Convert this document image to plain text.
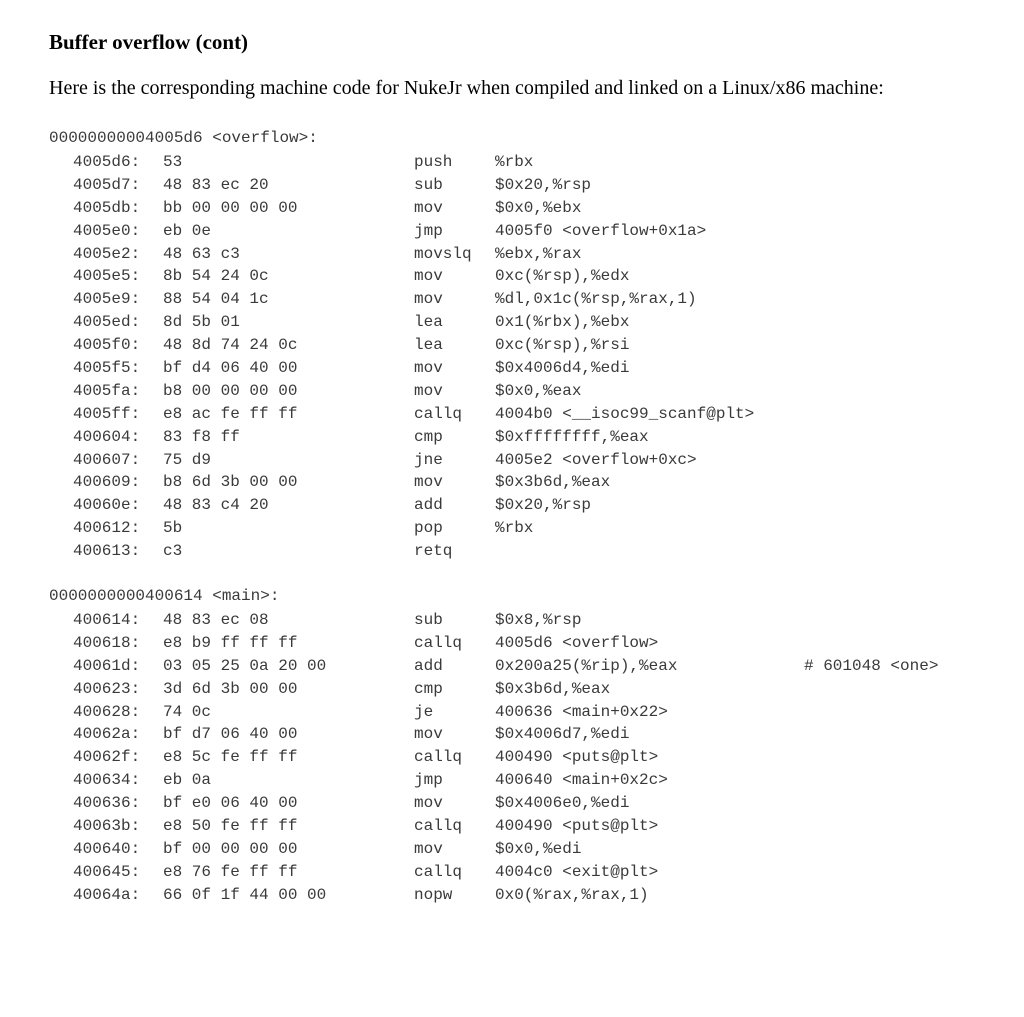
Buffer overflow (cont)

Here is the corresponding machine code for NukeJr when compiled and linked on a Linux/x86 machine:

00000000004005d6 <overflow>:
4005d6: 53	push	%rbx
4005d7: 48 83 ec 20	sub	$0x20,%rsp
4005db: bb 00 00 00 00	mov	$0x0,%ebx
4005e0: eb 0e	jmp	4005f0 <overflow+0x1a>
4005e2: 48 63 c3	movslq %ebx,%rax
4005e5: 8b 54 24 0c	mov	0xc(%rsp),%edx
4005e9: 88 54 04 1c	mov	%dl,0x1c(%rsp,%rax,1)
4005ed: 8d 5b 01	lea	0x1(%rbx),%ebx
4005f0: 48 8d 74 24 0c	lea	0xc(%rsp),%rsi
4005f5: bf d4 06 40 00	mov	$0x4006d4,%edi
4005fa: b8 00 00 00 00	mov	$0x0,%eax
4005ff: e8 ac fe ff ff	callq 4004b0 <__isoc99_scanf@plt>
400604: 83 f8 ff	cmp	$0xffffffff,%eax
400607: 75 d9	jne	4005e2 <overflow+0xc>
400609: b8 6d 3b 00 00	mov	$0x3b6d,%eax
40060e: 48 83 c4 20	add	$0x20,%rsp
400612: 5b	pop	%rbx
400613: c3	retq
0000000000400614 <main>:
400614: 48 83 ec 08	sub	$0x8,%rsp
400618: e8 b9 ff ff ff	callq 4005d6 <overflow>
40061d: 03 05 25 0a 20 00	add	0x200a25(%rip),%eax	# 601048 <one>
400623: 3d 6d 3b 00 00	cmp	$0x3b6d,%eax
400628: 74 0c	je	400636 <main+0x22>
40062a: bf d7 06 40 00	mov	$0x4006d7,%edi
40062f: e8 5c fe ff ff	callq 400490 <puts@plt>
400634: eb 0a	jmp	400640 <main+0x2c>
400636: bf e0 06 40 00	mov	$0x4006e0,%edi
40063b: e8 50 fe ff ff	callq 400490 <puts@plt>
400640: bf 00 00 00 00	mov	$0x0,%edi
400645: e8 76 fe ff ff	callq 4004c0 <exit@plt>
40064a: 66 0f 1f 44 00 00	nopw	0x0(%rax,%rax,1)
